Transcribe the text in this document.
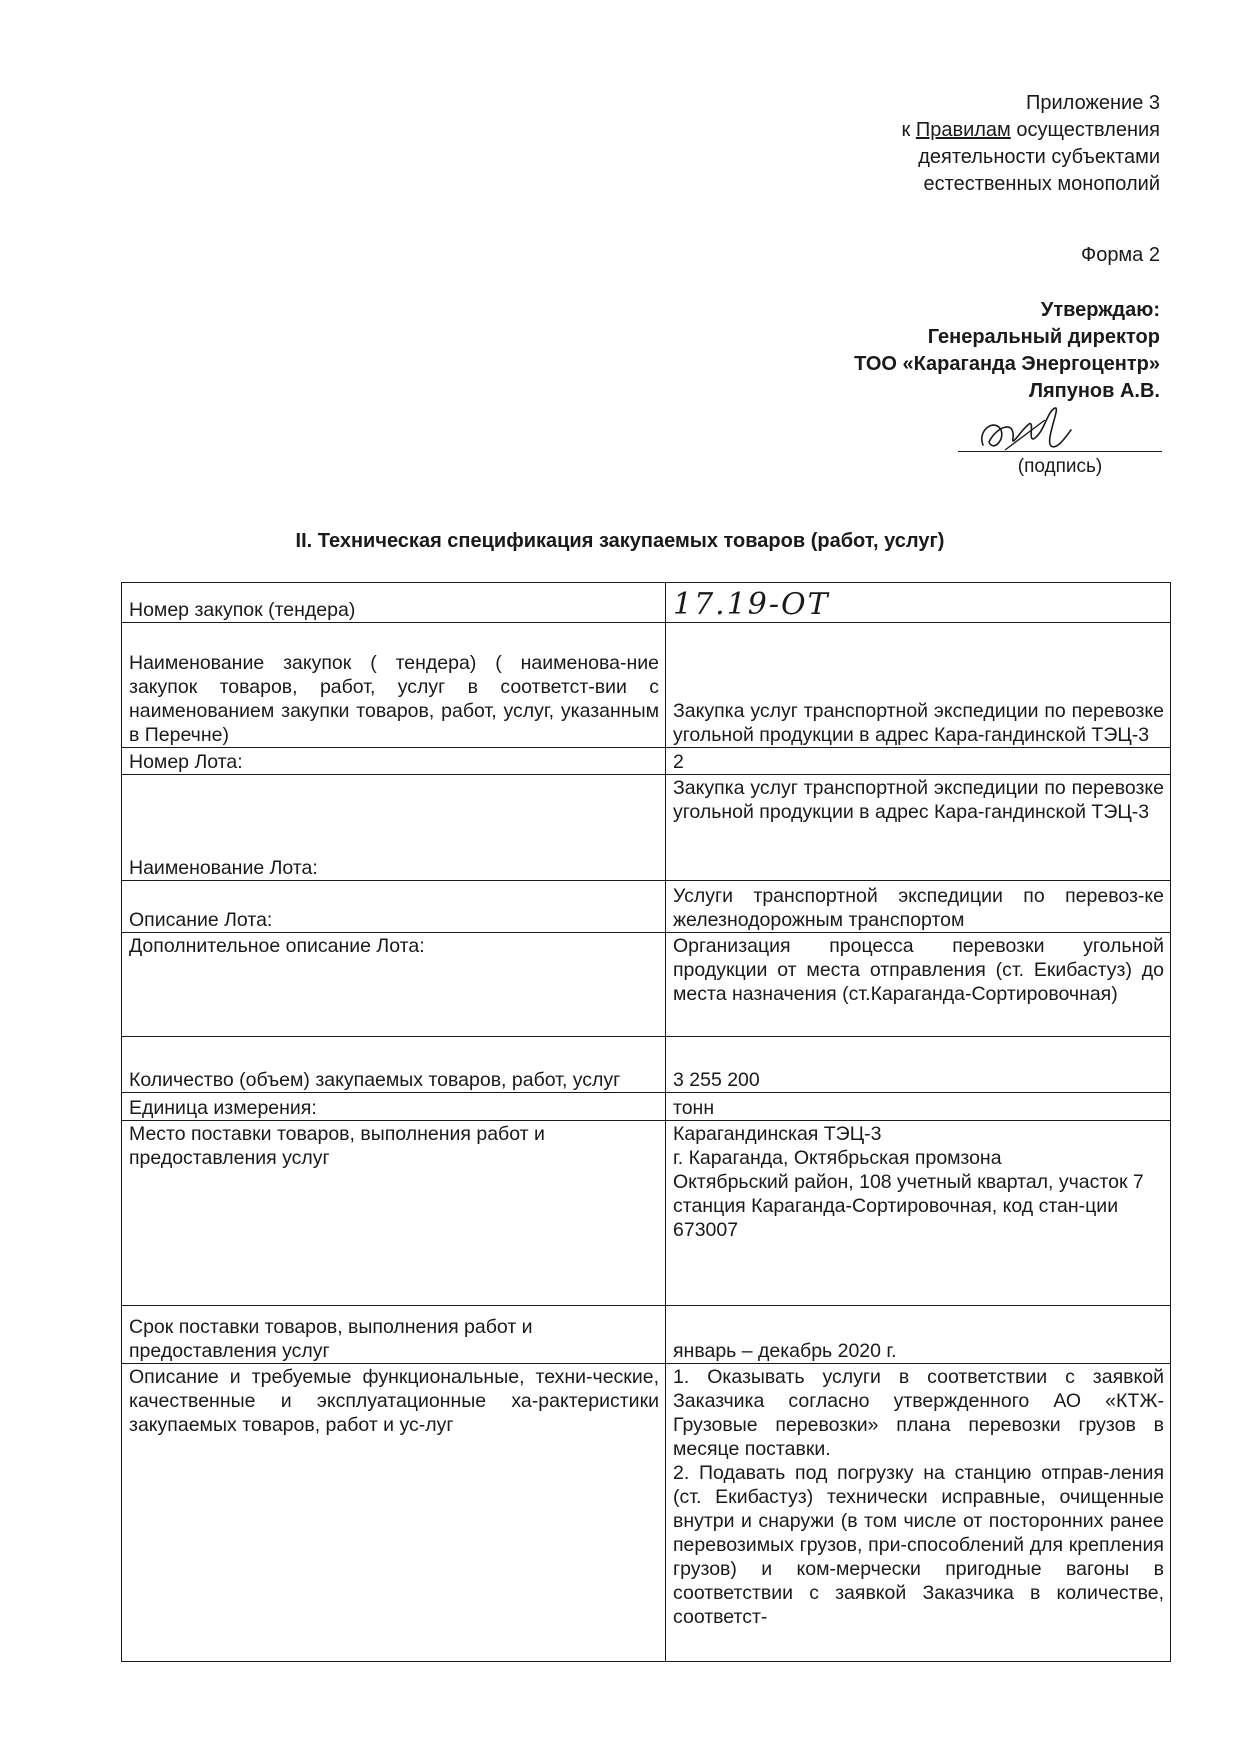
Приложение 3
к Правилам осуществления
деятельности субъектами
естественных монополий
Форма 2
Утверждаю:
Генеральный директор
ТОО «Караганда Энергоцентр»
Ляпунов А.В.
(подпись)
II. Техническая спецификация закупаемых товаров (работ, услуг)
Номер закупок (тендера)	17.19-ОТ
Наименование закупок ( тендера) ( наименова-ние закупок товаров, работ, услуг в соответст-вии с наименованием закупки товаров, работ, услуг, указанным в Перечне)	Закупка услуг транспортной экспедиции по перевозке угольной продукции в адрес Кара-гандинской ТЭЦ-3
Номер Лота:	2
Наименование Лота:	Закупка услуг транспортной экспедиции по перевозке угольной продукции в адрес Кара-гандинской ТЭЦ-3
Описание Лота:	Услуги транспортной экспедиции по перевоз-ке железнодорожным транспортом
Дополнительное описание Лота:	Организация процесса перевозки угольной продукции от места отправления (ст. Екибастуз) до места назначения (ст.Караганда-Сортировочная)
Количество (объем) закупаемых товаров, работ, услуг	3 255 200
Единица измерения:	тонн
Место поставки товаров, выполнения работ и предоставления услуг	Карагандинская ТЭЦ-3

г. Караганда, Октябрьская промзона

Октябрьский район, 108 учетный квартал, участок 7

станция Караганда-Сортировочная, код стан-ции 673007

Срок поставки товаров, выполнения работ и предоставления услуг	январь – декабрь 2020 г.
Описание и требуемые функциональные, техни-ческие, качественные и эксплуатационные ха-рактеристики закупаемых товаров, работ и ус-луг	1. Оказывать услуги в соответствии с заявкой Заказчика согласно утвержденного АО «КТЖ-Грузовые перевозки» плана перевозки грузов в месяце поставки.

2. Подавать под погрузку на станцию отправ-ления (ст. Екибастуз) технически исправные, очищенные внутри и снаружи (в том числе от посторонних ранее перевозимых грузов, при-способлений для крепления грузов) и ком-мерчески пригодные вагоны в соответствии с заявкой Заказчика в количестве, соответст-
